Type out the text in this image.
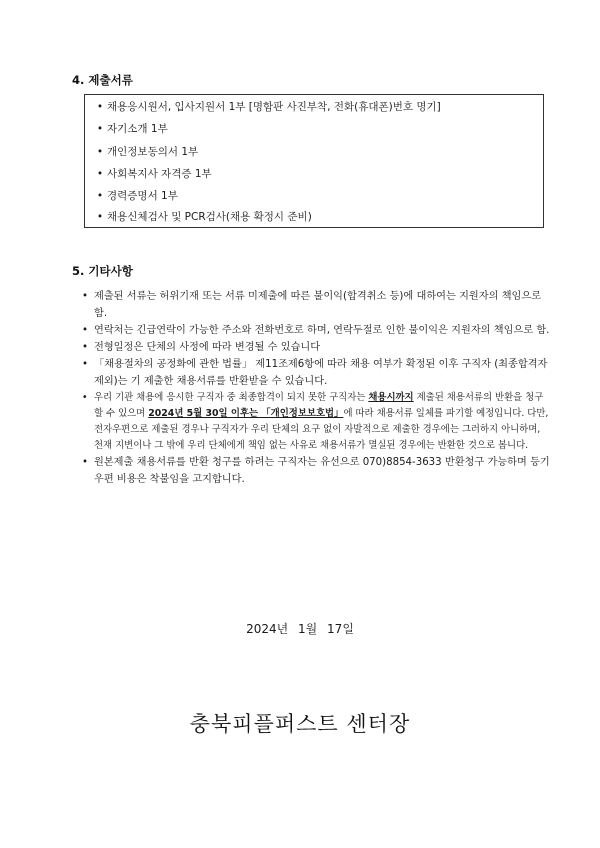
4. 제출서류
• 채용응시원서, 입사지원서 1부 [명함판 사진부착, 전화(휴대폰)번호 명기]
• 자기소개 1부
• 개인정보동의서 1부
• 사회복지사 자격증 1부
• 경력증명서 1부
• 채용신체검사 및 PCR검사(채용 확정시 준비)
5. 기타사항
• 제출된 서류는 허위기재 또는 서류 미제출에 따른 불이익(합격취소 등)에 대하여는 지원자의 책임으로 함.
• 연락처는 긴급연락이 가능한 주소와 전화번호로 하며, 연락두절로 인한 불이익은 지원자의 책임으로 함.
• 전형일정은 단체의 사정에 따라 변경될 수 있습니다
• 「채용절차의 공정화에 관한 법률」 제11조제6항에 따라 채용 여부가 확정된 이후 구직자 (최종합격자제외)는 기 제출한 채용서류를 반환받을 수 있습니다.
• 우리 기관 채용에 응시한 구직자 중 최종합격이 되지 못한 구직자는 채용시까지 제출된 채용서류의 반환을 청구할 수 있으며 2024년 5월 30일 이후는 「개인정보보호법」에 따라 채용서류 일체를 파기할 예정입니다. 다만, 전자우편으로 제출된 경우나 구직자가 우리 단체의 요구 없이 자발적으로 제출한 경우에는 그러하지 아니하며, 천재 지변이나 그 밖에 우리 단체에게 책임 없는 사유로 채용서류가 멸실된 경우에는 반환한 것으로 봅니다.
• 원본제출 채용서류를 반환 청구를 하려는 구직자는 유선으로 070)8854-3633 반환청구 가능하며 등기우편 비용은 착불임을 고지합니다.
2024년 1월 17일
충북피플퍼스트 센터장
